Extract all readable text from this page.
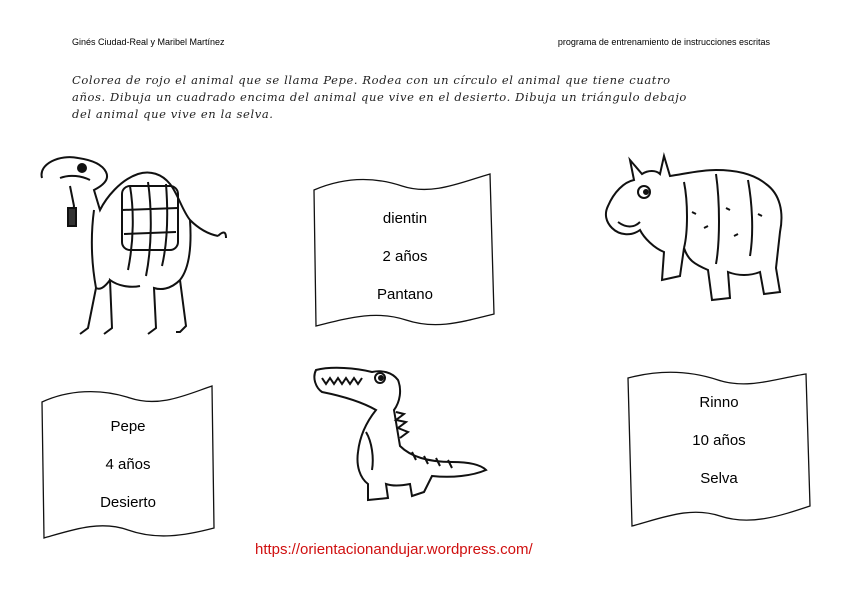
Ginés Ciudad-Real y Maribel Martínez	programa de entrenamiento de instrucciones escritas
Colorea de rojo el animal que se llama Pepe. Rodea con un círculo el animal que tiene cuatro
años. Dibuja un cuadrado encima del animal que vive en el desierto. Dibuja un triángulo debajo
del animal que vive en la selva.
dientin
2 años
Pantano
Pepe
4 años
Desierto
Rinno
10 años
Selva
https://orientacionandujar.wordpress.com/
